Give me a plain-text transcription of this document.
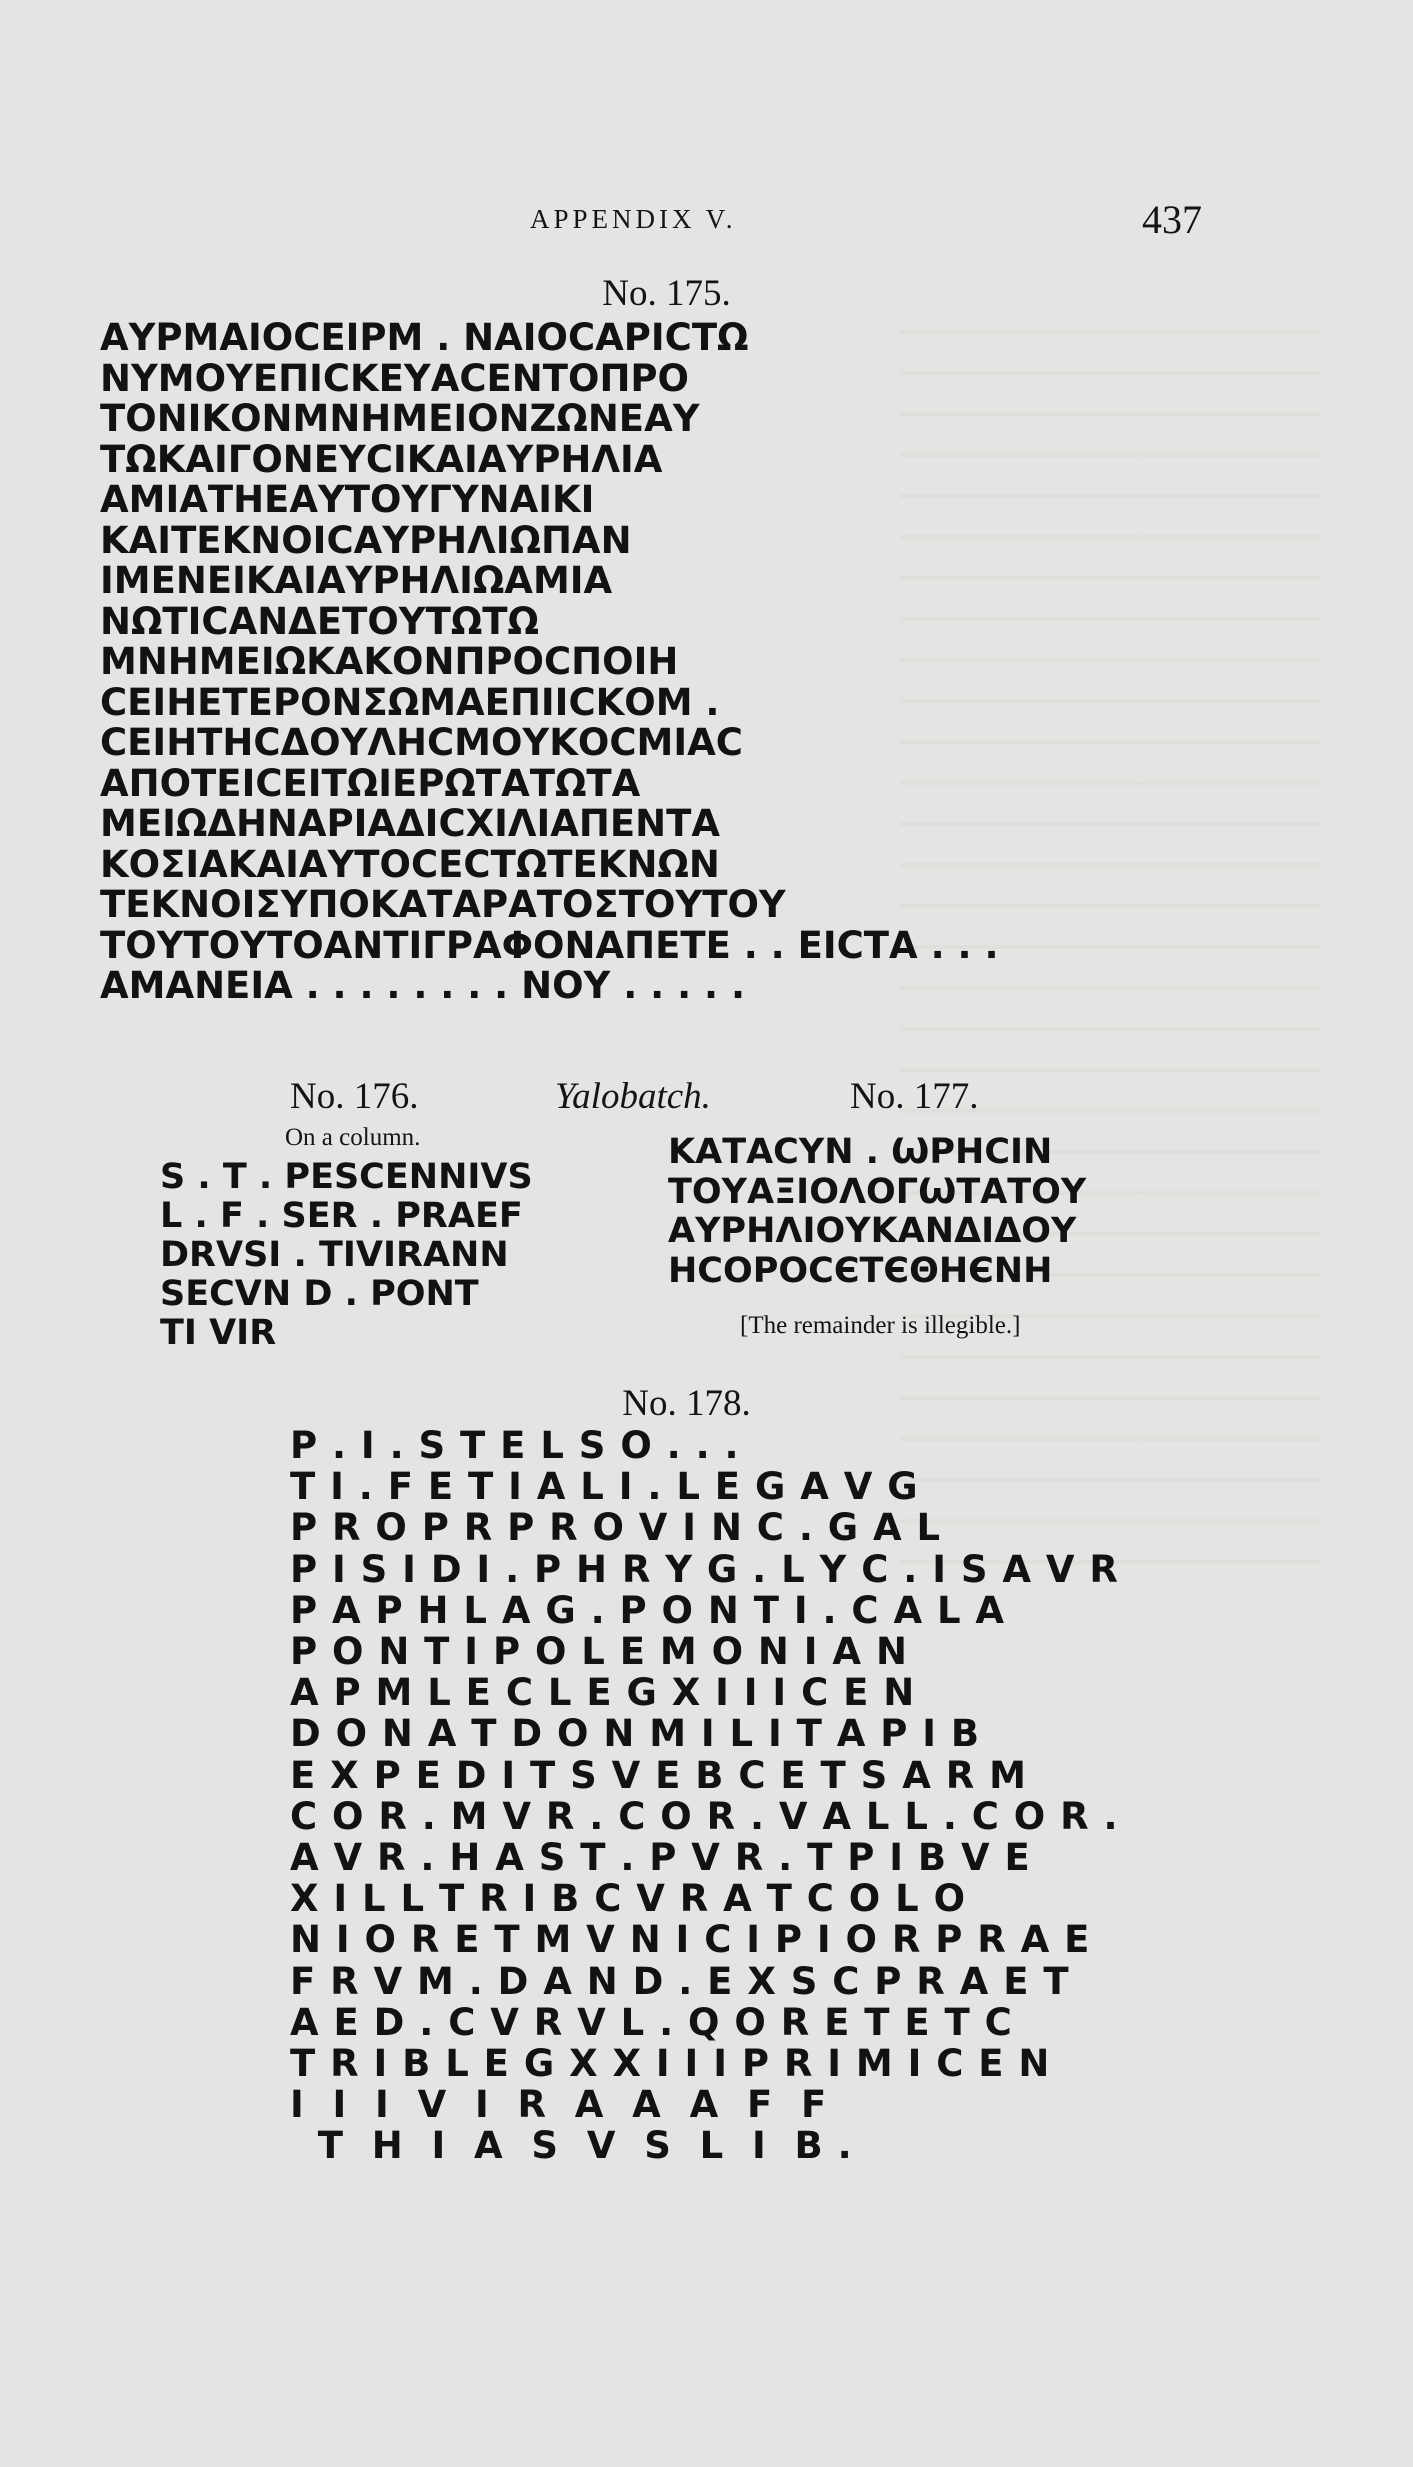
APPENDIX V.	437
No. 175.
ΑΥΡΜΑΙΟϹΕΙΡΜ . ΝΑΙΟϹΑΡΙϹΤΩ
ΝΥΜΟΥΕΠΙϹΚΕΥΑϹΕΝΤΟΠΡΟ
ΤΟΝΙΚΟΝΜΝΗΜΕΙΟΝΖΩΝΕΑΥ
ΤΩΚΑΙΓΟΝΕΥϹΙΚΑΙΑΥΡΗΛΙΑ
ΑΜΙΑΤΗΕΑΥΤΟΥΓΥΝΑΙΚΙ
ΚΑΙΤΕΚΝΟΙϹΑΥΡΗΛΙΩΠΑΝ
ΙΜΕΝΕΙΚΑΙΑΥΡΗΛΙΩΑΜΙΑ
ΝΩΤΙϹΑΝΔΕΤΟΥΤΩΤΩ
ΜΝΗΜΕΙΩΚΑΚΟΝΠΡΟϹΠΟΙΗ
ϹΕΙΗΕΤΕΡΟΝΣΩΜΑΕΠΙΙϹΚΟΜ .
ϹΕΙΗΤΗϹΔΟΥΛΗϹΜΟΥΚΟϹΜΙΑϹ
ΑΠΟΤΕΙϹΕΙΤΩΙΕΡΩΤΑΤΩΤΑ
ΜΕΙΩΔΗΝΑΡΙΑΔΙϹΧΙΛΙΑΠΕΝΤΑ
ΚΟΣΙΑΚΑΙΑΥΤΟϹΕϹΤΩΤΕΚΝΩΝ
ΤΕΚΝΟΙΣΥΠΟΚΑΤΑΡΑΤΟΣΤΟΥΤΟΥ
ΤΟΥΤΟΥΤΟΑΝΤΙΓΡΑΦΟΝΑΠΕΤΕ . . ΕΙϹΤΑ . . .
ΑΜΑΝΕΙΑ . . . . . . . . ΝΟΥ . . . . .
No. 176.	Yalobatch.	No. 177.
On a column.
S . T . PESCENNIVS
L . F . SER . PRAEF
DRVSI . TIVIRANN
SECVN D . PONT
TI VIR
ΚΑΤΑϹΥΝ . ѠΡΗϹΙΝ
ΤΟΥΑΞΙΟΛΟΓѠΤΑΤΟΥ
ΑΥΡΗΛΙΟΥΚΑΝΔΙΔΟΥ
ΗϹΟΡΟϹЄΤЄΘΗЄΝΗ
[The remainder is illegible.]
No. 178.
P . I . S T E L S O . . .
T I . F E T I A L I . L E G A V G
P R O P R P R O V I N C . G A L
P I S I D I . P H R Y G . L Y C . I S A V R
P A P H L A G . P O N T I . C A L A
P O N T I P O L E M O N I A N
A P M L E C L E G X I I I C E N
D O N A T D O N M I L I T A P I B
E X P E D I T S V E B C E T S A R M
C O R . M V R . C O R . V A L L . C O R .
A V R . H A S T . P V R . T P I B V E
X I L L T R I B C V R A T C O L O
N I O R E T M V N I C I P I O R P R A E
F R V M . D A N D . E X S C P R A E T
A E D . C V R V L . Q O R E T E T C
T R I B L E G X X I I I P R I M I C E N
I  I  I  V  I  R  A  A  A  F  F
T  H  I  A  S  V  S  L  I  B .
